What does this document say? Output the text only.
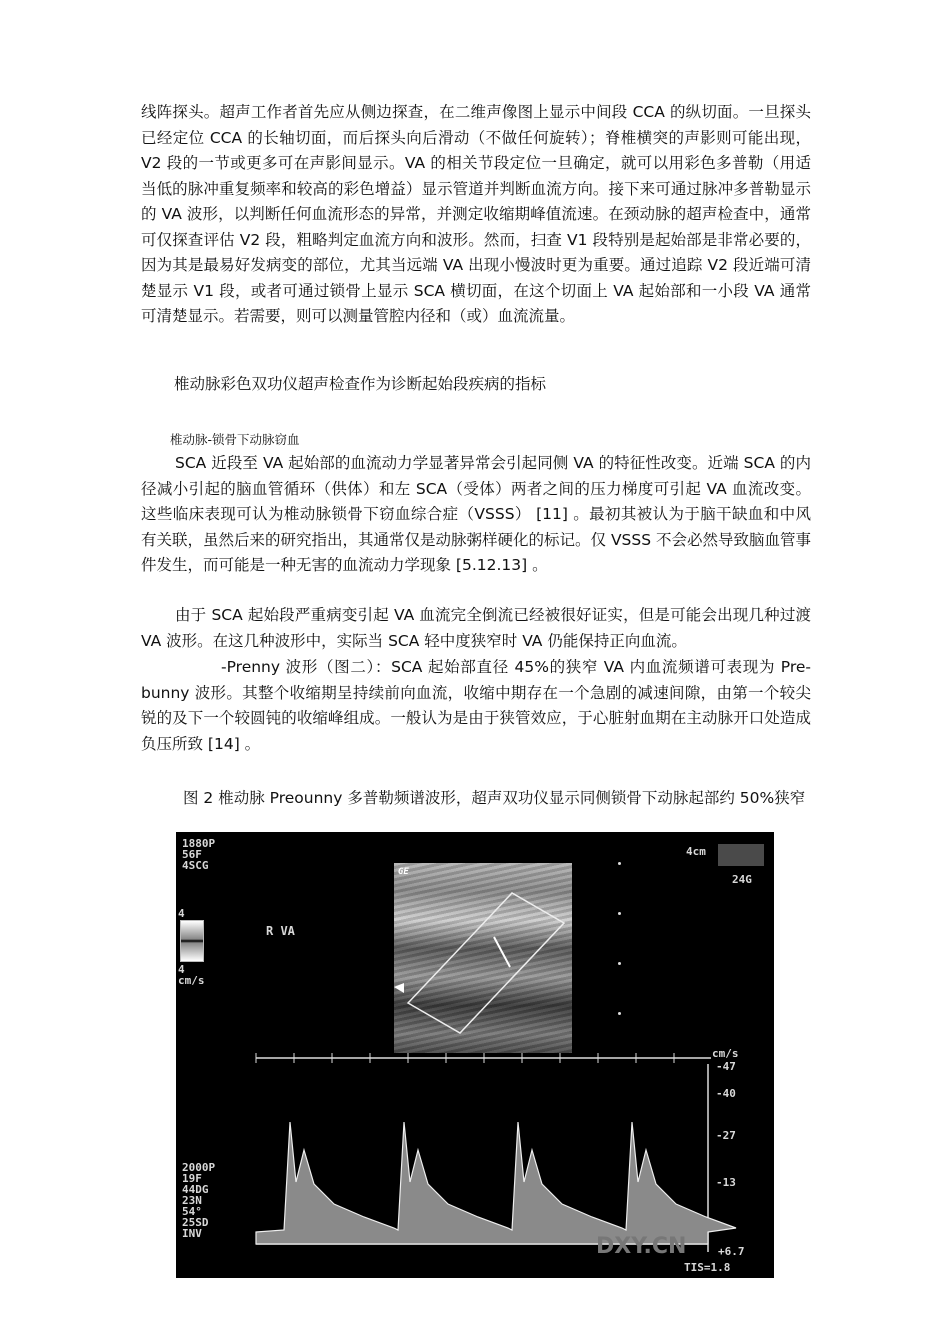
线阵探头。超声工作者首先应从侧边探查，在二维声像图上显示中间段 CCA 的纵切面。一旦探头已经定位 CCA 的长轴切面，而后探头向后滑动（不做任何旋转）；脊椎横突的声影则可能出现，V2 段的一节或更多可在声影间显示。VA 的相关节段定位一旦确定，就可以用彩色多普勒（用适当低的脉冲重复频率和较高的彩色增益）显示管道并判断血流方向。接下来可通过脉冲多普勒显示的 VA 波形，以判断任何血流形态的异常，并测定收缩期峰值流速。在颈动脉的超声检查中，通常可仅探查评估 V2 段，粗略判定血流方向和波形。然而，扫查 V1 段特别是起始部是非常必要的，因为其是最易好发病变的部位，尤其当远端 VA 出现小慢波时更为重要。通过追踪 V2 段近端可清楚显示 V1 段，或者可通过锁骨上显示 SCA 横切面，在这个切面上 VA 起始部和一小段 VA 通常可清楚显示。若需要，则可以测量管腔内径和（或）血流流量。

椎动脉彩色双功仪超声检查作为诊断起始段疾病的指标

椎动脉-锁骨下动脉窃血

SCA 近段至 VA 起始部的血流动力学显著异常会引起同侧 VA 的特征性改变。近端 SCA 的内径减小引起的脑血管循环（供体）和左 SCA（受体）两者之间的压力梯度可引起 VA 血流改变。这些临床表现可认为椎动脉锁骨下窃血综合症（VSSS） [11] 。最初其被认为于脑干缺血和中风有关联，虽然后来的研究指出，其通常仅是动脉粥样硬化的标记。仅 VSSS 不会必然导致脑血管事件发生，而可能是一种无害的血流动力学现象 [5.12.13] 。

由于 SCA 起始段严重病变引起 VA 血流完全倒流已经被很好证实，但是可能会出现几种过渡 VA 波形。在这几种波形中，实际当 SCA 轻中度狭窄时 VA 仍能保持正向血流。

-Prenny 波形（图二）：SCA 起始部直径 45%的狭窄 VA 内血流频谱可表现为 Pre-bunny 波形。其整个收缩期呈持续前向血流，收缩中期存在一个急剧的减速间隙，由第一个较尖锐的及下一个较圆钝的收缩峰组成。一般认为是由于狭管效应，于心脏射血期在主动脉开口处造成负压所致 [14] 。

图 2 椎动脉 Preounny 多普勒频谱波形，超声双功仪显示同侧锁骨下动脉起部约 50%狭窄

1880P
56F
4SCG
R VA
4
4
cm/s
4cm
24G
GE
cm/s
-47
-40
-27
-13
+6.7
2000P
19F
44DG
23N
54°
25SD
INV
TIS=1.8
DXY.CN
